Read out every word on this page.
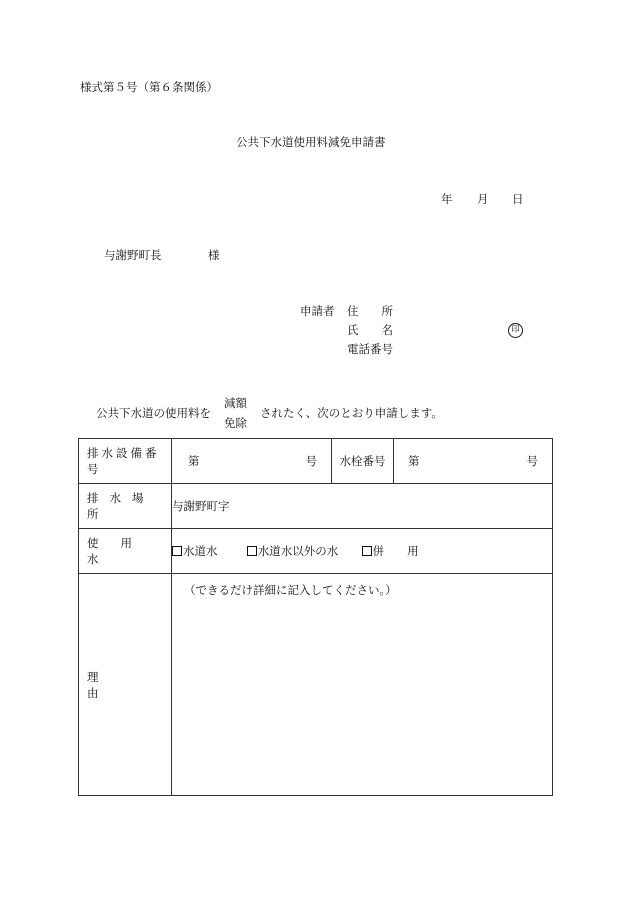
様式第５号（第６条関係）
公共下水道使用料減免申請書
年 月 日
与謝野町長	様
申請者 住　　所
氏　　名	印
電話番号
公共下水道の使用料を
減額
免除
されたく、次のとおり申請します。
排水設備番号	第 号	水栓番号	第 号

排水場所	与謝野町字		

使用水	水道水 水道水以外の水 併　　用		

理由	（できるだけ詳細に記入してください。）		
